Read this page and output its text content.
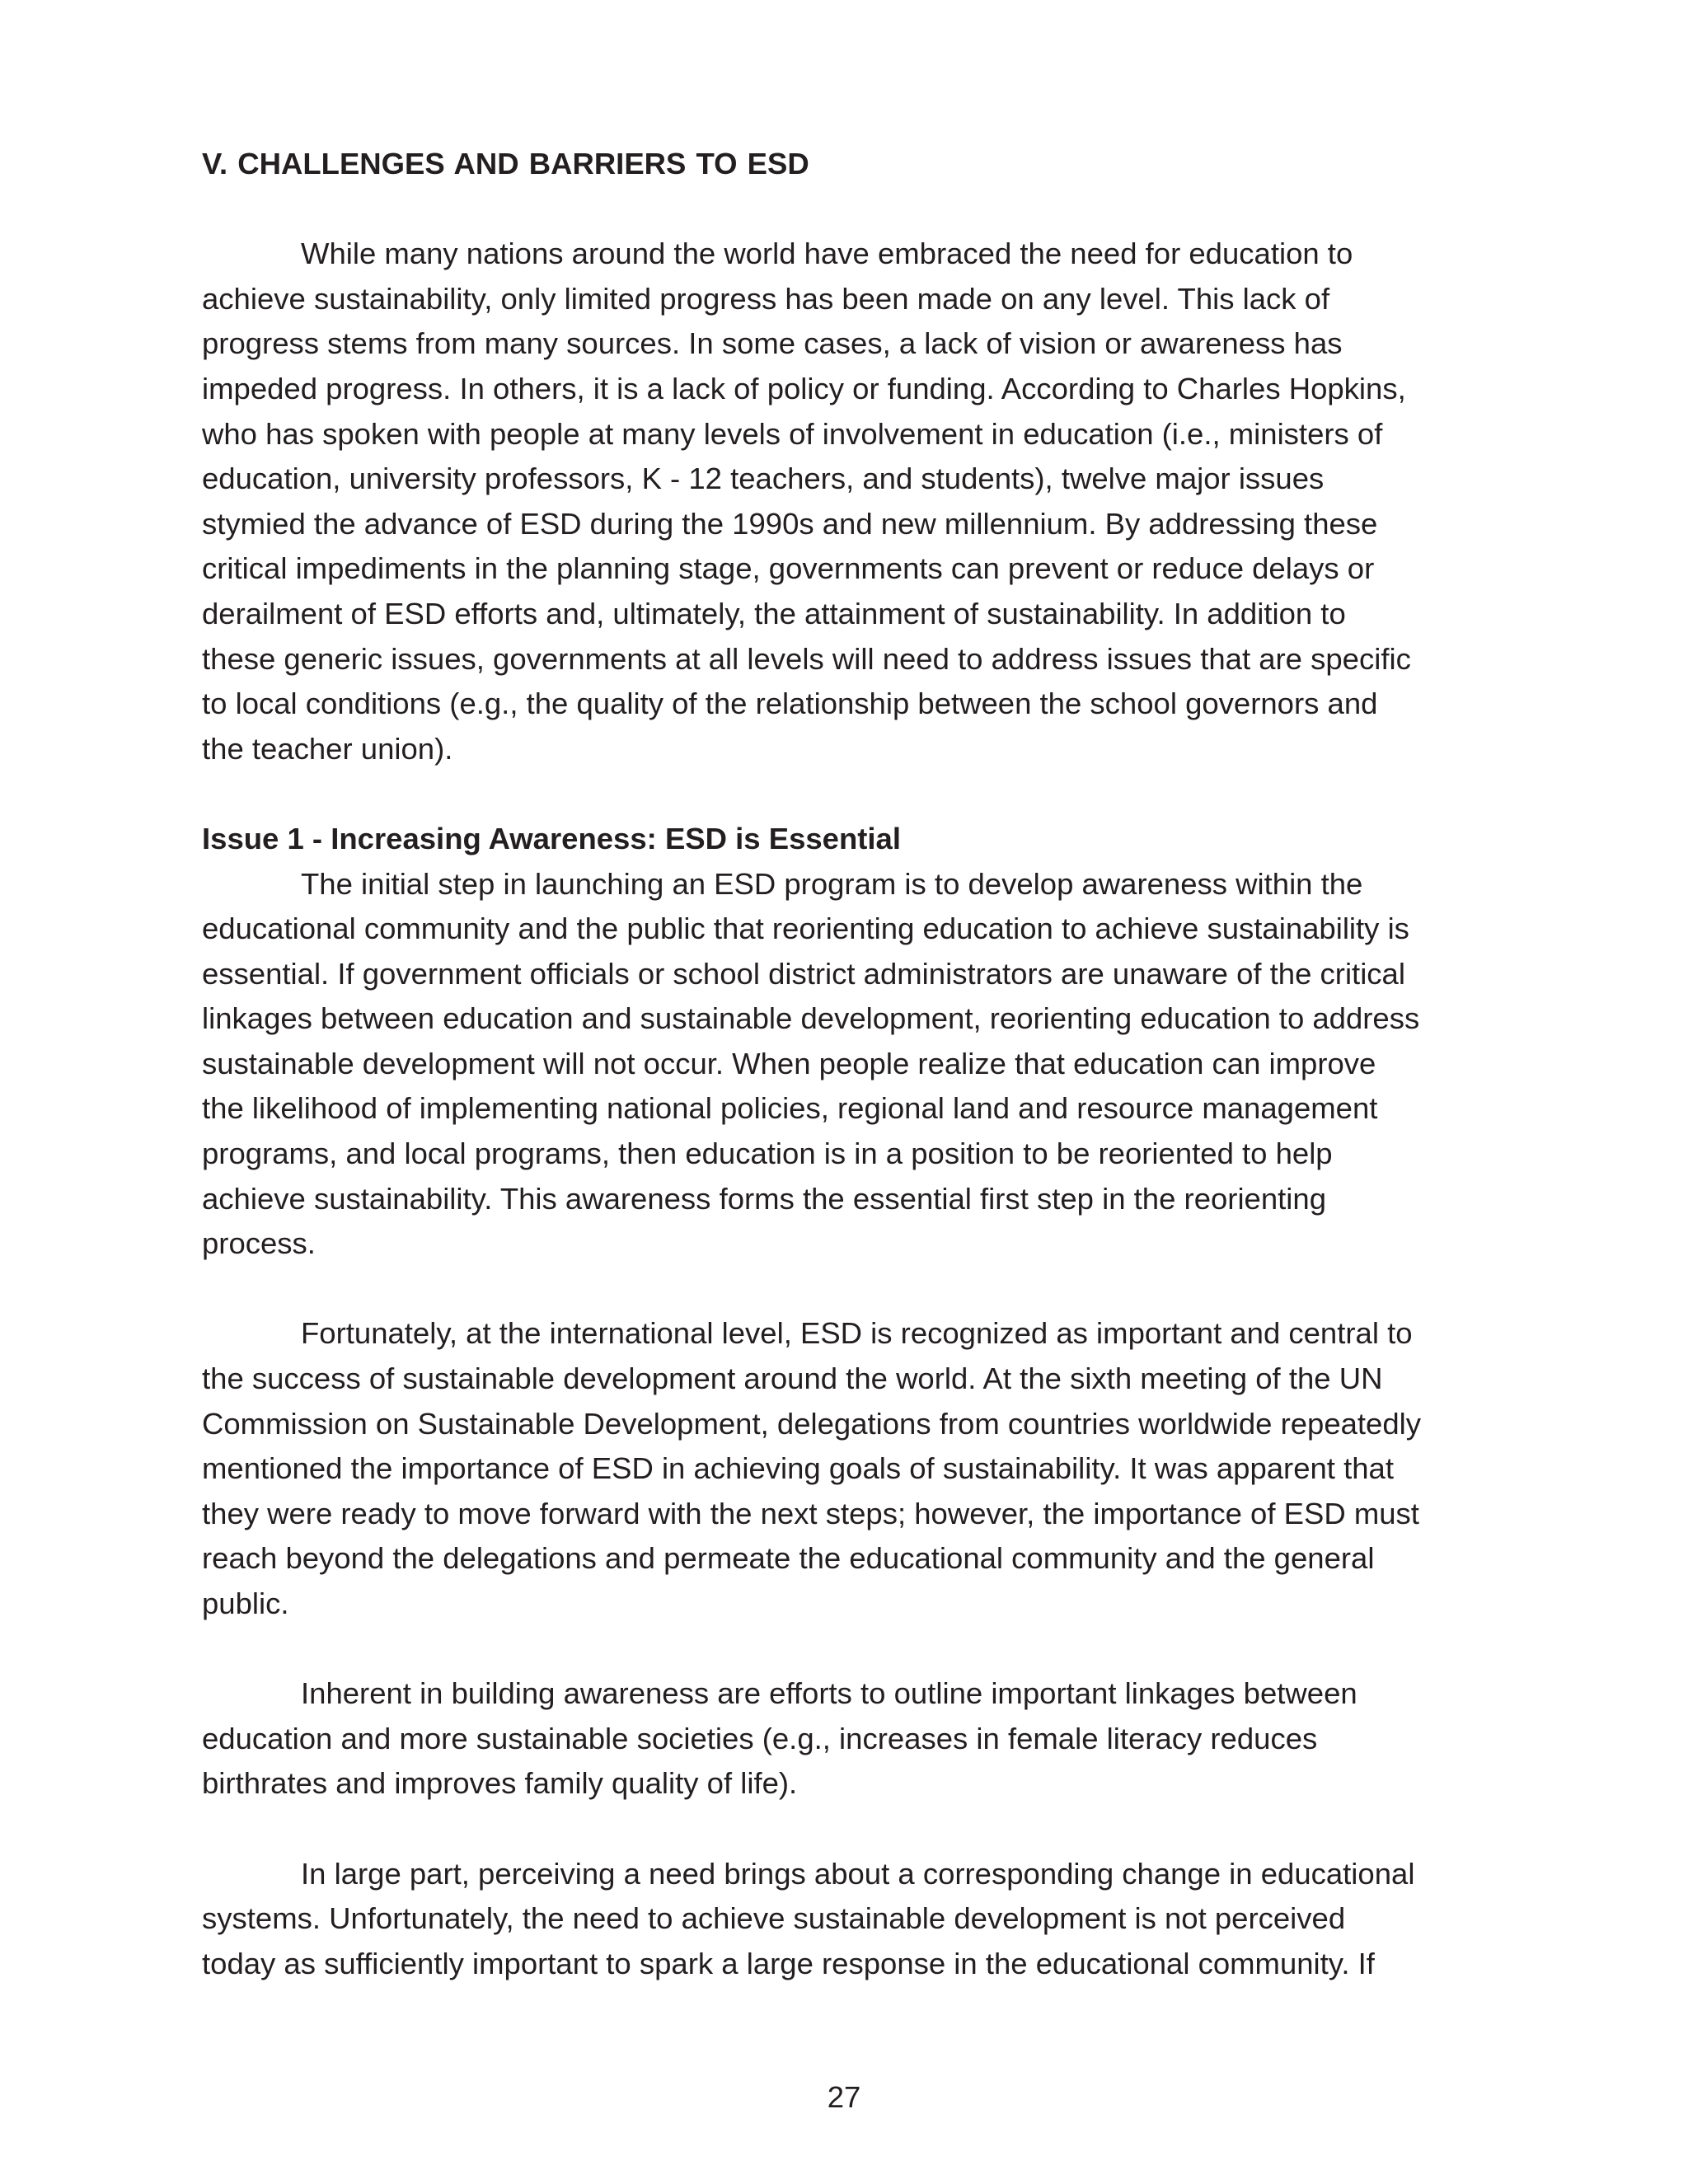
V. CHALLENGES AND BARRIERS TO ESD

While many nations around the world have embraced the need for education to
achieve sustainability, only limited progress has been made on any level. This lack of
progress stems from many sources. In some cases, a lack of vision or awareness has
impeded progress. In others, it is a lack of policy or funding. According to Charles Hopkins,
who has spoken with people at many levels of involvement in education (i.e., ministers of
education, university professors, K - 12 teachers, and students), twelve major issues
stymied the advance of ESD during the 1990s and new millennium. By addressing these
critical impediments in the planning stage, governments can prevent or reduce delays or
derailment of ESD efforts and, ultimately, the attainment of sustainability. In addition to
these generic issues, governments at all levels will need to address issues that are specific
to local conditions (e.g., the quality of the relationship between the school governors and
the teacher union).

Issue 1 - Increasing Awareness: ESD is Essential

The initial step in launching an ESD program is to develop awareness within the
educational community and the public that reorienting education to achieve sustainability is
essential. If government officials or school district administrators are unaware of the critical
linkages between education and sustainable development, reorienting education to address
sustainable development will not occur. When people realize that education can improve
the likelihood of implementing national policies, regional land and resource management
programs, and local programs, then education is in a position to be reoriented to help
achieve sustainability. This awareness forms the essential first step in the reorienting
process.

Fortunately, at the international level, ESD is recognized as important and central to
the success of sustainable development around the world. At the sixth meeting of the UN
Commission on Sustainable Development, delegations from countries worldwide repeatedly
mentioned the importance of ESD in achieving goals of sustainability. It was apparent that
they were ready to move forward with the next steps; however, the importance of ESD must
reach beyond the delegations and permeate the educational community and the general
public.

Inherent in building awareness are efforts to outline important linkages between
education and more sustainable societies (e.g., increases in female literacy reduces
birthrates and improves family quality of life).

In large part, perceiving a need brings about a corresponding change in educational
systems. Unfortunately, the need to achieve sustainable development is not perceived
today as sufficiently important to spark a large response in the educational community. If

27
